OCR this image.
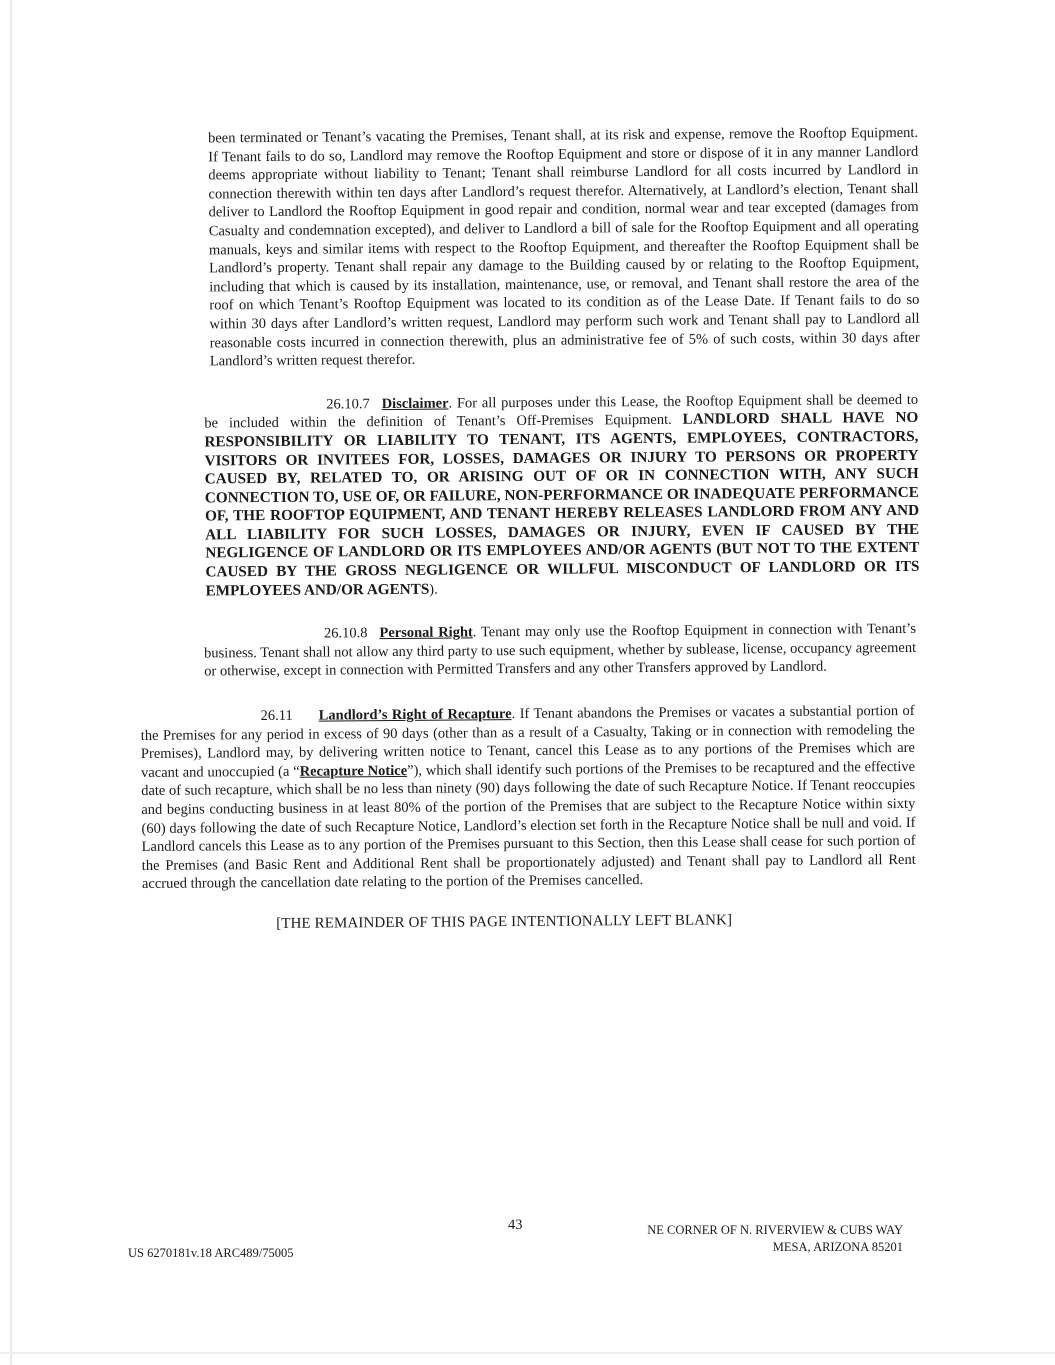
been terminated or Tenant’s vacating the Premises, Tenant shall, at its risk and expense, remove the Rooftop Equipment. If Tenant fails to do so, Landlord may remove the Rooftop Equipment and store or dispose of it in any manner Landlord deems appropriate without liability to Tenant; Tenant shall reimburse Landlord for all costs incurred by Landlord in connection therewith within ten days after Landlord’s request therefor. Alternatively, at Landlord’s election, Tenant shall deliver to Landlord the Rooftop Equipment in good repair and condition, normal wear and tear excepted (damages from Casualty and condemnation excepted), and deliver to Landlord a bill of sale for the Rooftop Equipment and all operating manuals, keys and similar items with respect to the Rooftop Equipment, and thereafter the Rooftop Equipment shall be Landlord’s property. Tenant shall repair any damage to the Building caused by or relating to the Rooftop Equipment, including that which is caused by its installation, maintenance, use, or removal, and Tenant shall restore the area of the roof on which Tenant’s Rooftop Equipment was located to its condition as of the Lease Date. If Tenant fails to do so within 30 days after Landlord’s written request, Landlord may perform such work and Tenant shall pay to Landlord all reasonable costs incurred in connection therewith, plus an administrative fee of 5% of such costs, within 30 days after Landlord’s written request therefor.

26.10.7 Disclaimer. For all purposes under this Lease, the Rooftop Equipment shall be deemed to be included within the definition of Tenant’s Off-Premises Equipment. LANDLORD SHALL HAVE NO RESPONSIBILITY OR LIABILITY TO TENANT, ITS AGENTS, EMPLOYEES, CONTRACTORS, VISITORS OR INVITEES FOR, LOSSES, DAMAGES OR INJURY TO PERSONS OR PROPERTY CAUSED BY, RELATED TO, OR ARISING OUT OF OR IN CONNECTION WITH, ANY SUCH CONNECTION TO, USE OF, OR FAILURE, NON-PERFORMANCE OR INADEQUATE PERFORMANCE OF, THE ROOFTOP EQUIPMENT, AND TENANT HEREBY RELEASES LANDLORD FROM ANY AND ALL LIABILITY FOR SUCH LOSSES, DAMAGES OR INJURY, EVEN IF CAUSED BY THE NEGLIGENCE OF LANDLORD OR ITS EMPLOYEES AND/OR AGENTS (BUT NOT TO THE EXTENT CAUSED BY THE GROSS NEGLIGENCE OR WILLFUL MISCONDUCT OF LANDLORD OR ITS EMPLOYEES AND/OR AGENTS).

26.10.8 Personal Right. Tenant may only use the Rooftop Equipment in connection with Tenant’s business. Tenant shall not allow any third party to use such equipment, whether by sublease, license, occupancy agreement or otherwise, except in connection with Permitted Transfers and any other Transfers approved by Landlord.

26.11 Landlord’s Right of Recapture. If Tenant abandons the Premises or vacates a substantial portion of the Premises for any period in excess of 90 days (other than as a result of a Casualty, Taking or in connection with remodeling the Premises), Landlord may, by delivering written notice to Tenant, cancel this Lease as to any portions of the Premises which are vacant and unoccupied (a “Recapture Notice”), which shall identify such portions of the Premises to be recaptured and the effective date of such recapture, which shall be no less than ninety (90) days following the date of such Recapture Notice. If Tenant reoccupies and begins conducting business in at least 80% of the portion of the Premises that are subject to the Recapture Notice within sixty (60) days following the date of such Recapture Notice, Landlord’s election set forth in the Recapture Notice shall be null and void. If Landlord cancels this Lease as to any portion of the Premises pursuant to this Section, then this Lease shall cease for such portion of the Premises (and Basic Rent and Additional Rent shall be proportionately adjusted) and Tenant shall pay to Landlord all Rent accrued through the cancellation date relating to the portion of the Premises cancelled.

[THE REMAINDER OF THIS PAGE INTENTIONALLY LEFT BLANK]

43	NE CORNER OF N. RIVERVIEW & CUBS WAY
MESA, ARIZONA 85201
US 6270181v.18 ARC489/75005
